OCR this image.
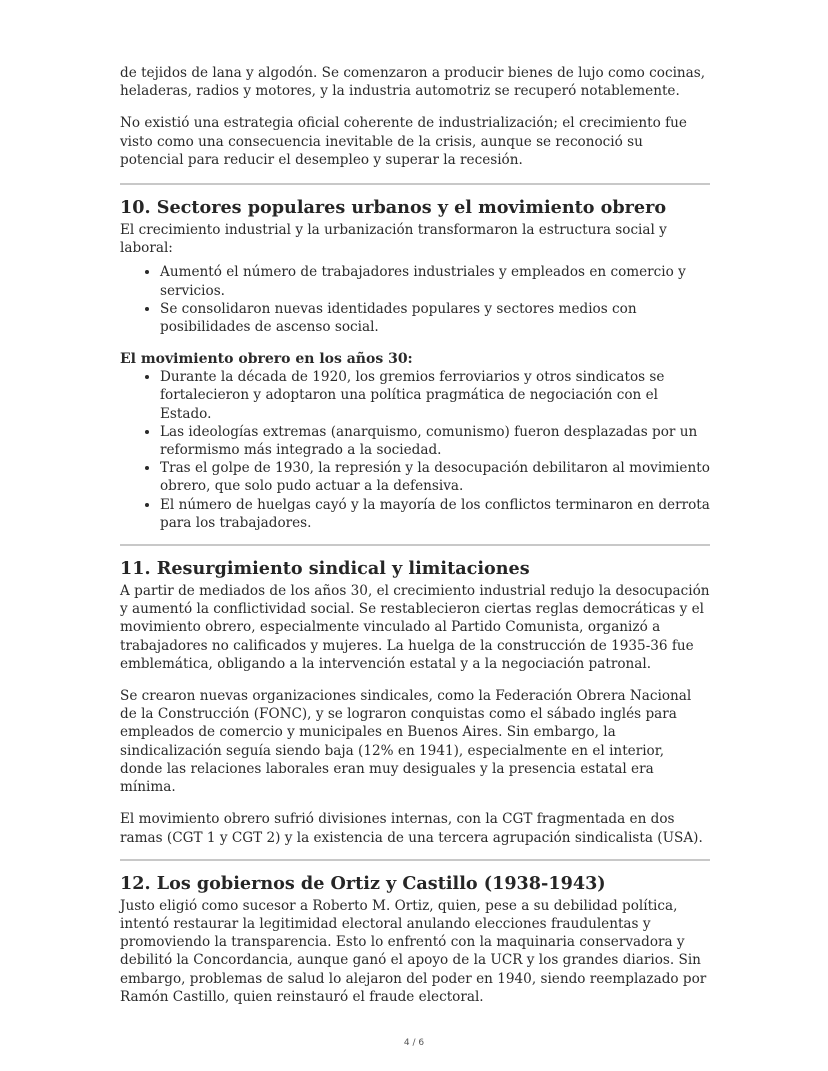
de tejidos de lana y algodón. Se comenzaron a producir bienes de lujo como cocinas, heladeras, radios y motores, y la industria automotriz se recuperó notablemente.

No existió una estrategia oficial coherente de industrialización; el crecimiento fue visto como una consecuencia inevitable de la crisis, aunque se reconoció su potencial para reducir el desempleo y superar la recesión.

10. Sectores populares urbanos y el movimiento obrero

El crecimiento industrial y la urbanización transformaron la estructura social y laboral:

• Aumentó el número de trabajadores industriales y empleados en comercio y servicios.
• Se consolidaron nuevas identidades populares y sectores medios con posibilidades de ascenso social.
El movimiento obrero en los años 30:
• Durante la década de 1920, los gremios ferroviarios y otros sindicatos se fortalecieron y adoptaron una política pragmática de negociación con el Estado.
• Las ideologías extremas (anarquismo, comunismo) fueron desplazadas por un reformismo más integrado a la sociedad.
• Tras el golpe de 1930, la represión y la desocupación debilitaron al movimiento obrero, que solo pudo actuar a la defensiva.
• El número de huelgas cayó y la mayoría de los conflictos terminaron en derrota para los trabajadores.
11. Resurgimiento sindical y limitaciones

A partir de mediados de los años 30, el crecimiento industrial redujo la desocupación y aumentó la conflictividad social. Se restablecieron ciertas reglas democráticas y el movimiento obrero, especialmente vinculado al Partido Comunista, organizó a trabajadores no calificados y mujeres. La huelga de la construcción de 1935-36 fue emblemática, obligando a la intervención estatal y a la negociación patronal.

Se crearon nuevas organizaciones sindicales, como la Federación Obrera Nacional de la Construcción (FONC), y se lograron conquistas como el sábado inglés para empleados de comercio y municipales en Buenos Aires. Sin embargo, la sindicalización seguía siendo baja (12% en 1941), especialmente en el interior, donde las relaciones laborales eran muy desiguales y la presencia estatal era mínima.

El movimiento obrero sufrió divisiones internas, con la CGT fragmentada en dos ramas (CGT 1 y CGT 2) y la existencia de una tercera agrupación sindicalista (USA).

12. Los gobiernos de Ortiz y Castillo (1938-1943)

Justo eligió como sucesor a Roberto M. Ortiz, quien, pese a su debilidad política, intentó restaurar la legitimidad electoral anulando elecciones fraudulentas y promoviendo la transparencia. Esto lo enfrentó con la maquinaria conservadora y debilitó la Concordancia, aunque ganó el apoyo de la UCR y los grandes diarios. Sin embargo, problemas de salud lo alejaron del poder en 1940, siendo reemplazado por Ramón Castillo, quien reinstauró el fraude electoral.

4 / 6
